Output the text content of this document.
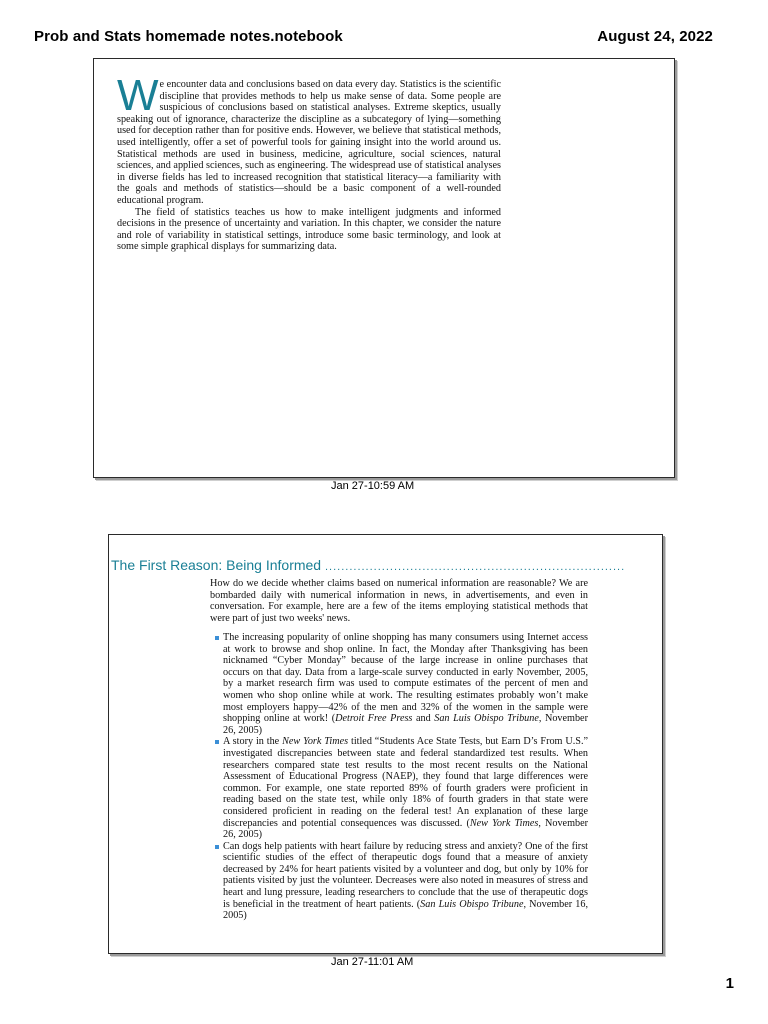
Prob and Stats homemade notes.notebook	August 24, 2022

We encounter data and conclusions based on data every day. Statistics is the scientific discipline that provides methods to help us make sense of data. Some people are suspicious of conclusions based on statistical analyses. Extreme skeptics, usually speaking out of ignorance, characterize the discipline as a subcategory of lying—something used for deception rather than for positive ends. However, we believe that statistical methods, used intelligently, offer a set of powerful tools for gaining insight into the world around us. Statistical methods are used in business, medicine, agriculture, social sciences, natural sciences, and applied sciences, such as engineering. The widespread use of statistical analyses in diverse fields has led to increased recognition that statistical literacy—a familiarity with the goals and methods of statistics—should be a basic component of a well-rounded educational program.

The field of statistics teaches us how to make intelligent judgments and informed decisions in the presence of uncertainty and variation. In this chapter, we consider the nature and role of variability in statistical settings, introduce some basic terminology, and look at some simple graphical displays for summarizing data.

Jan 27-10:59 AM
The First Reason: Being Informed ..........................................................................

How do we decide whether claims based on numerical information are reasonable? We are bombarded daily with numerical information in news, in advertisements, and even in conversation. For example, here are a few of the items employing statistical methods that were part of just two weeks' news.

The increasing popularity of online shopping has many consumers using Internet access at work to browse and shop online. In fact, the Monday after Thanksgiving has been nicknamed “Cyber Monday” because of the large increase in online purchases that occurs on that day. Data from a large-scale survey conducted in early November, 2005, by a market research firm was used to compute estimates of the percent of men and women who shop online while at work. The resulting estimates probably won’t make most employers happy—42% of the men and 32% of the women in the sample were shopping online at work! (Detroit Free Press and San Luis Obispo Tribune, November 26, 2005)
A story in the New York Times titled “Students Ace State Tests, but Earn D’s From U.S.” investigated discrepancies between state and federal standardized test results. When researchers compared state test results to the most recent results on the National Assessment of Educational Progress (NAEP), they found that large differences were common. For example, one state reported 89% of fourth graders were proficient in reading based on the state test, while only 18% of fourth graders in that state were considered proficient in reading on the federal test! An explanation of these large discrepancies and potential consequences was discussed. (New York Times, November 26, 2005)
Can dogs help patients with heart failure by reducing stress and anxiety? One of the first scientific studies of the effect of therapeutic dogs found that a measure of anxiety decreased by 24% for heart patients visited by a volunteer and dog, but only by 10% for patients visited by just the volunteer. Decreases were also noted in measures of stress and heart and lung pressure, leading researchers to conclude that the use of therapeutic dogs is beneficial in the treatment of heart patients. (San Luis Obispo Tribune, November 16, 2005)
Jan 27-11:01 AM
1
